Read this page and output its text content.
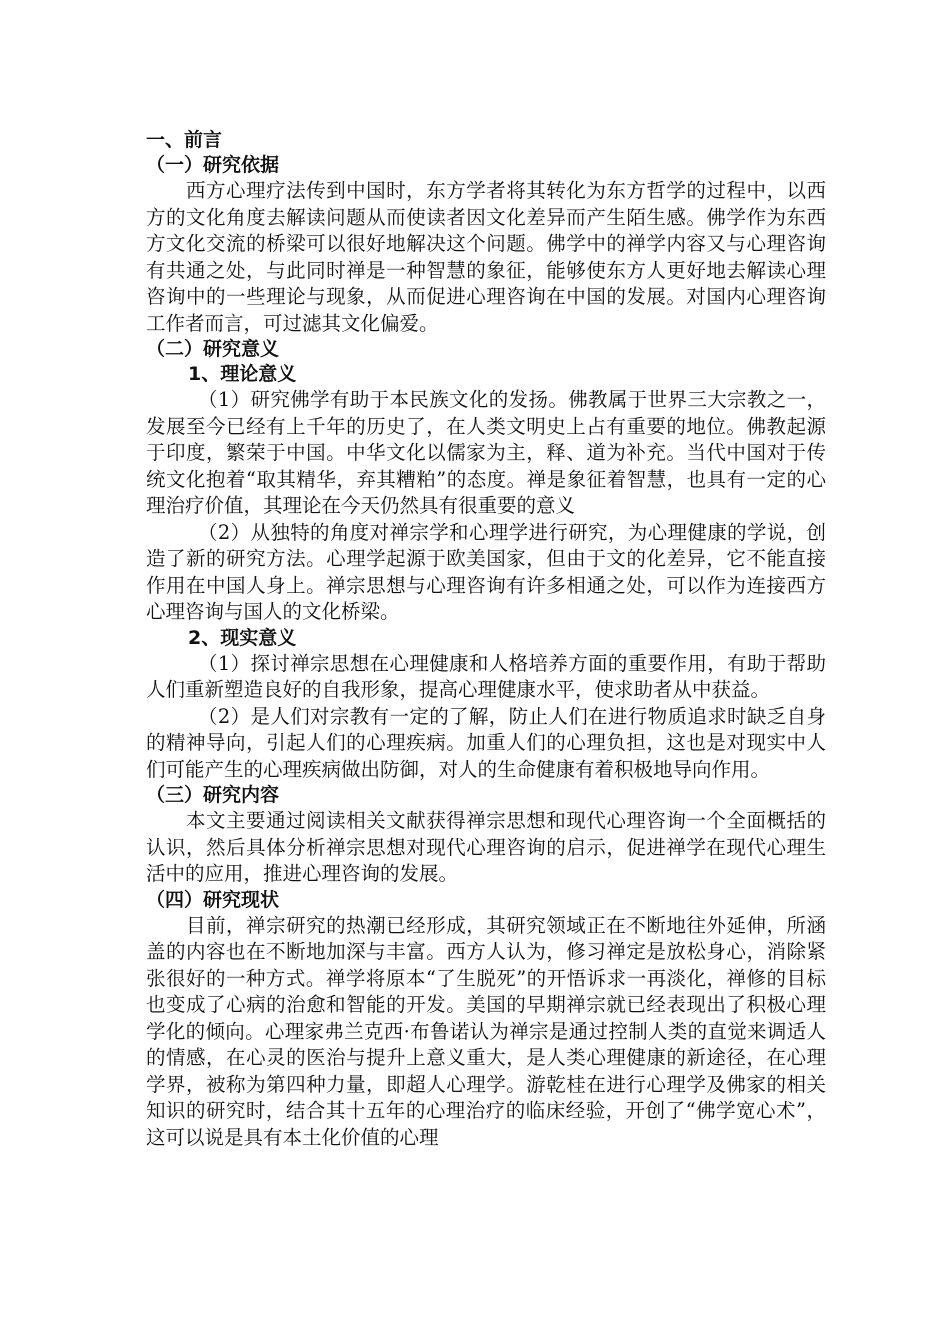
一、前言
（一）研究依据

西方心理疗法传到中国时，东方学者将其转化为东方哲学的过程中，以西方的文化角度去解读问题从而使读者因文化差异而产生陌生感。佛学作为东西方文化交流的桥梁可以很好地解决这个问题。佛学中的禅学内容又与心理咨询有共通之处，与此同时禅是一种智慧的象征，能够使东方人更好地去解读心理咨询中的一些理论与现象，从而促进心理咨询在中国的发展。对国内心理咨询工作者而言，可过滤其文化偏爱。

（二）研究意义
1、理论意义

（1）研究佛学有助于本民族文化的发扬。佛教属于世界三大宗教之一，发展至今已经有上千年的历史了，在人类文明史上占有重要的地位。佛教起源于印度，繁荣于中国。中华文化以儒家为主，释、道为补充。当代中国对于传统文化抱着“取其精华，弃其糟粕”的态度。禅是象征着智慧，也具有一定的心理治疗价值，其理论在今天仍然具有很重要的意义

（2）从独特的角度对禅宗学和心理学进行研究，为心理健康的学说，创造了新的研究方法。心理学起源于欧美国家，但由于文的化差异，它不能直接作用在中国人身上。禅宗思想与心理咨询有许多相通之处，可以作为连接西方心理咨询与国人的文化桥梁。

2、现实意义

（1）探讨禅宗思想在心理健康和人格培养方面的重要作用，有助于帮助人们重新塑造良好的自我形象，提高心理健康水平，使求助者从中获益。

（2）是人们对宗教有一定的了解，防止人们在进行物质追求时缺乏自身的精神导向，引起人们的心理疾病。加重人们的心理负担，这也是对现实中人们可能产生的心理疾病做出防御，对人的生命健康有着积极地导向作用。

（三）研究内容

本文主要通过阅读相关文献获得禅宗思想和现代心理咨询一个全面概括的认识，然后具体分析禅宗思想对现代心理咨询的启示，促进禅学在现代心理生活中的应用，推进心理咨询的发展。

（四）研究现状

目前，禅宗研究的热潮已经形成，其研究领域正在不断地往外延伸，所涵盖的内容也在不断地加深与丰富。西方人认为，修习禅定是放松身心，消除紧张很好的一种方式。禅学将原本“了生脱死”的开悟诉求一再淡化，禅修的目标也变成了心病的治愈和智能的开发。美国的早期禅宗就已经表现出了积极心理学化的倾向。心理家弗兰克西·布鲁诺认为禅宗是通过控制人类的直觉来调适人的情感，在心灵的医治与提升上意义重大，是人类心理健康的新途径，在心理学界，被称为第四种力量，即超人心理学。游乾桂在进行心理学及佛家的相关知识的研究时，结合其十五年的心理治疗的临床经验，开创了“佛学宽心术”，这可以说是具有本土化价值的心理
